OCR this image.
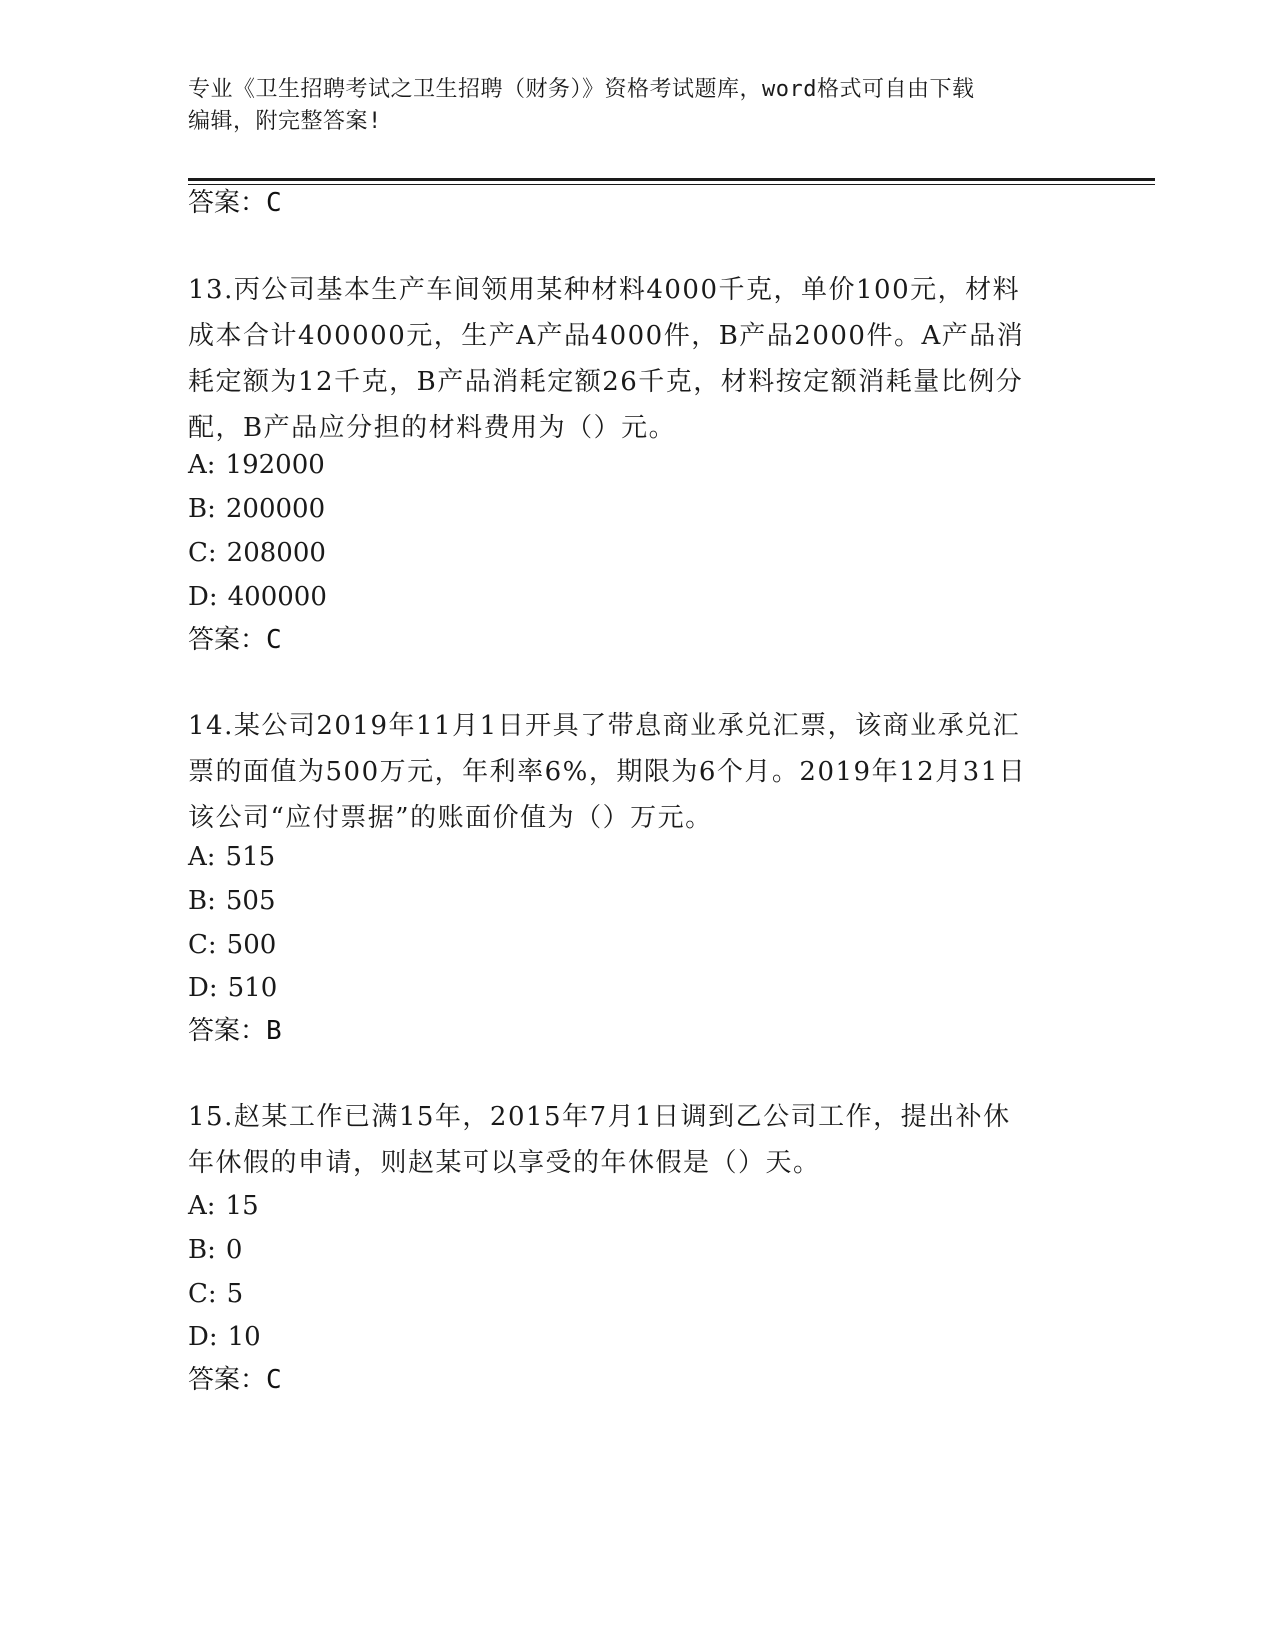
专业《卫生招聘考试之卫生招聘（财务）》资格考试题库，word格式可自由下载
编辑，附完整答案!
答案：C
13.丙公司基本生产车间领用某种材料4000千克，单价100元，材料
成本合计400000元，生产A产品4000件，B产品2000件。A产品消
耗定额为12千克，B产品消耗定额26千克，材料按定额消耗量比例分
配，B产品应分担的材料费用为（）元。
A: 192000
B: 200000
C: 208000
D: 400000
答案：C
14.某公司2019年11月1日开具了带息商业承兑汇票，该商业承兑汇
票的面值为500万元，年利率6%，期限为6个月。2019年12月31日
该公司“应付票据”的账面价值为（）万元。
A: 515
B: 505
C: 500
D: 510
答案：B
15.赵某工作已满15年，2015年7月1日调到乙公司工作，提出补休
年休假的申请，则赵某可以享受的年休假是（）天。
A: 15
B: 0
C: 5
D: 10
答案：C
